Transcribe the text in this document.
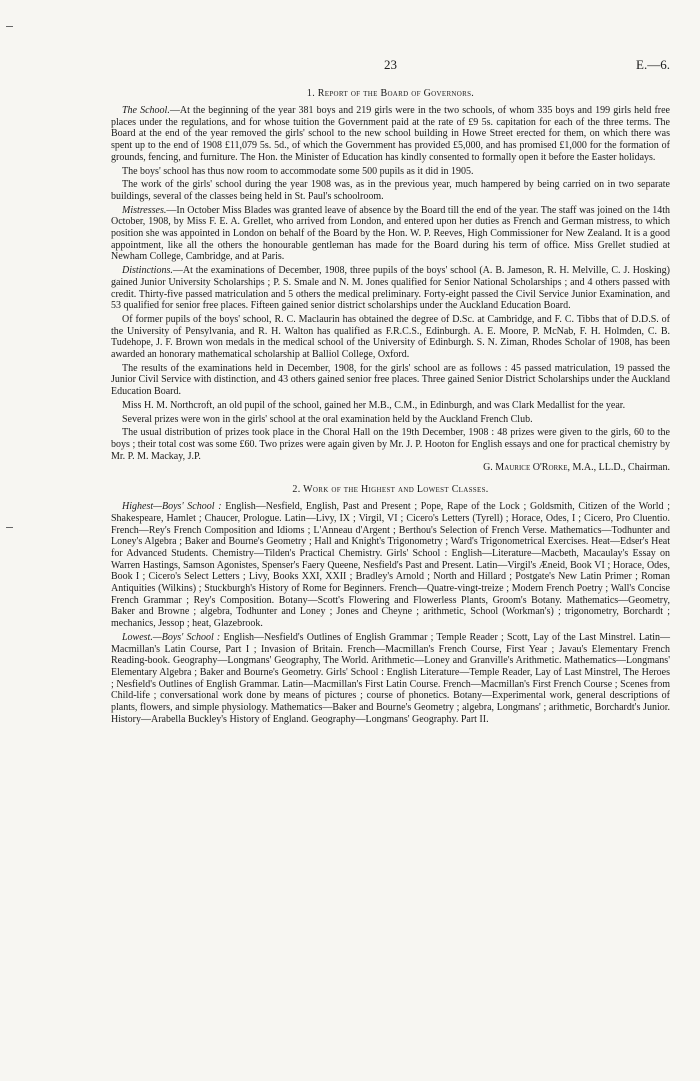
23	E.—6.
1. Report of the Board of Governors.

The School.—At the beginning of the year 381 boys and 219 girls were in the two schools, of whom 335 boys and 199 girls held free places under the regulations, and for whose tuition the Government paid at the rate of £9 5s. capitation for each of the three terms. The Board at the end of the year removed the girls' school to the new school building in Howe Street erected for them, on which there was spent up to the end of 1908 £11,079 5s. 5d., of which the Government has provided £5,000, and has promised £1,000 for the formation of grounds, fencing, and furniture. The Hon. the Minister of Education has kindly consented to formally open it before the Easter holidays.

The boys' school has thus now room to accommodate some 500 pupils as it did in 1905.

The work of the girls' school during the year 1908 was, as in the previous year, much hampered by being carried on in two separate buildings, several of the classes being held in St. Paul's schoolroom.

Mistresses.—In October Miss Blades was granted leave of absence by the Board till the end of the year. The staff was joined on the 14th October, 1908, by Miss F. E. A. Grellet, who arrived from London, and entered upon her duties as French and German mistress, to which position she was appointed in London on behalf of the Board by the Hon. W. P. Reeves, High Commissioner for New Zealand. It is a good appointment, like all the others the honourable gentleman has made for the Board during his term of office. Miss Grellet studied at Newham College, Cambridge, and at Paris.

Distinctions.—At the examinations of December, 1908, three pupils of the boys' school (A. B. Jameson, R. H. Melville, C. J. Hosking) gained Junior University Scholarships ; P. S. Smale and N. M. Jones qualified for Senior National Scholarships ; and 4 others passed with credit. Thirty-five passed matriculation and 5 others the medical preliminary. Forty-eight passed the Civil Service Junior Examination, and 53 qualified for senior free places. Fifteen gained senior district scholarships under the Auckland Education Board.

Of former pupils of the boys' school, R. C. Maclaurin has obtained the degree of D.Sc. at Cambridge, and F. C. Tibbs that of D.D.S. of the University of Pensylvania, and R. H. Walton has qualified as F.R.C.S., Edinburgh. A. E. Moore, P. McNab, F. H. Holmden, C. B. Tudehope, J. F. Brown won medals in the medical school of the University of Edinburgh. S. N. Ziman, Rhodes Scholar of 1908, has been awarded an honorary mathematical scholarship at Balliol College, Oxford.

The results of the examinations held in December, 1908, for the girls' school are as follows : 45 passed matriculation, 19 passed the Junior Civil Service with distinction, and 43 others gained senior free places. Three gained Senior District Scholarships under the Auckland Education Board.

Miss H. M. Northcroft, an old pupil of the school, gained her M.B., C.M., in Edinburgh, and was Clark Medallist for the year.

Several prizes were won in the girls' school at the oral examination held by the Auckland French Club.

The usual distribution of prizes took place in the Choral Hall on the 19th December, 1908 : 48 prizes were given to the girls, 60 to the boys ; their total cost was some £60. Two prizes were again given by Mr. J. P. Hooton for English essays and one for practical chemistry by Mr. P. M. Mackay, J.P.

G. Maurice O'Rorke, M.A., LL.D., Chairman.
2. Work of the Highest and Lowest Classes.

Highest—Boys' School : English—Nesfield, English, Past and Present ; Pope, Rape of the Lock ; Goldsmith, Citizen of the World ; Shakespeare, Hamlet ; Chaucer, Prologue. Latin—Livy, IX ; Virgil, VI ; Cicero's Letters (Tyrell) ; Horace, Odes, I ; Cicero, Pro Cluentio. French—Rey's French Composition and Idioms ; L'Anneau d'Argent ; Berthou's Selection of French Verse. Mathematics—Todhunter and Loney's Algebra ; Baker and Bourne's Geometry ; Hall and Knight's Trigonometry ; Ward's Trigonometrical Exercises. Heat—Edser's Heat for Advanced Students. Chemistry—Tilden's Practical Chemistry. Girls' School : English—Literature—Macbeth, Macaulay's Essay on Warren Hastings, Samson Agonistes, Spenser's Faery Queene, Nesfield's Past and Present. Latin—Virgil's Æneid, Book VI ; Horace, Odes, Book I ; Cicero's Select Letters ; Livy, Books XXI, XXII ; Bradley's Arnold ; North and Hillard ; Postgate's New Latin Primer ; Roman Antiquities (Wilkins) ; Stuckburgh's History of Rome for Beginners. French—Quatre-vingt-treize ; Modern French Poetry ; Wall's Concise French Grammar ; Rey's Composition. Botany—Scott's Flowering and Flowerless Plants, Groom's Botany. Mathematics—Geometry, Baker and Browne ; algebra, Todhunter and Loney ; Jones and Cheyne ; arithmetic, School (Workman's) ; trigonometry, Borchardt ; mechanics, Jessop ; heat, Glazebrook.

Lowest.—Boys' School : English—Nesfield's Outlines of English Grammar ; Temple Reader ; Scott, Lay of the Last Minstrel. Latin—Macmillan's Latin Course, Part I ; Invasion of Britain. French—Macmillan's French Course, First Year ; Javau's Elementary French Reading-book. Geography—Longmans' Geography, The World. Arithmetic—Loney and Granville's Arithmetic. Mathematics—Longmans' Elementary Algebra ; Baker and Bourne's Geometry. Girls' School : English Literature—Temple Reader, Lay of Last Minstrel, The Heroes ; Nesfield's Outlines of English Grammar. Latin—Macmillan's First Latin Course. French—Macmillan's First French Course ; Scenes from Child-life ; conversational work done by means of pictures ; course of phonetics. Botany—Experimental work, general descriptions of plants, flowers, and simple physiology. Mathematics—Baker and Bourne's Geometry ; algebra, Longmans' ; arithmetic, Borchardt's Junior. History—Arabella Buckley's History of England. Geography—Longmans' Geography. Part II.
